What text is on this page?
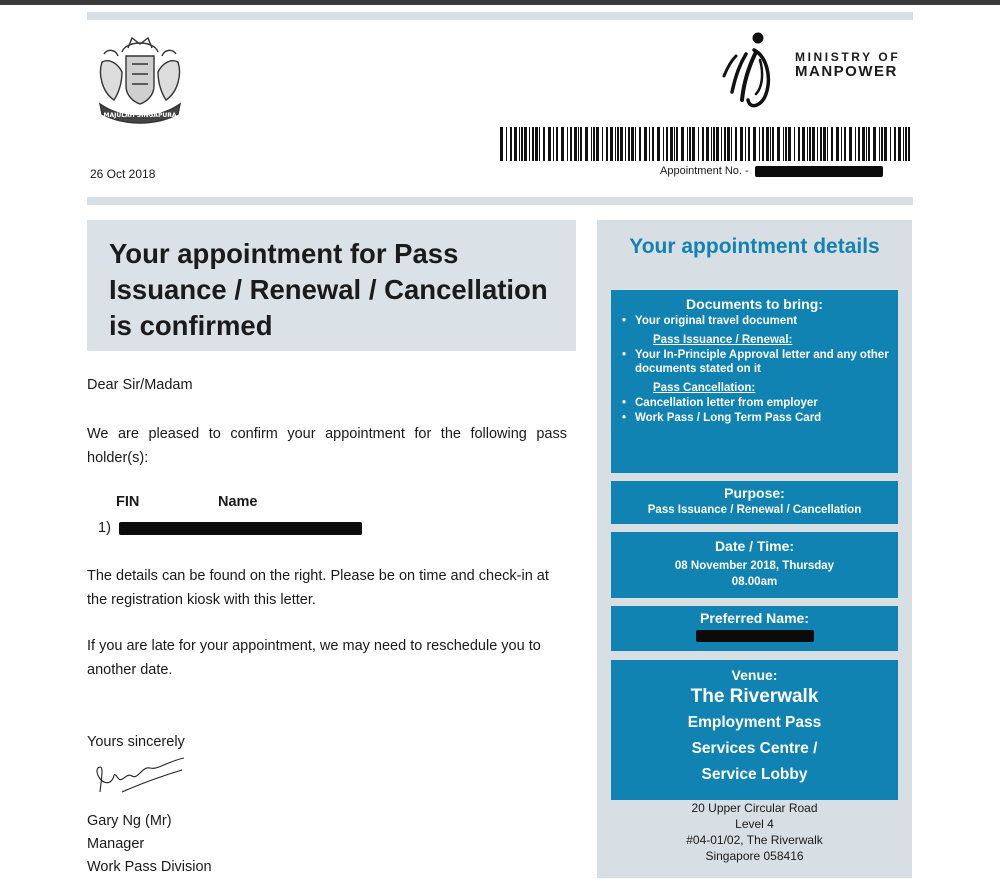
MAJULAH SINGAPURA
26 Oct 2018
MINISTRY OF
MANPOWER
Appointment No. -
Your appointment for Pass Issuance / Renewal / Cancellation is confirmed
Dear Sir/Madam
We are pleased to confirm your appointment for the following pass holder(s):
FIN	Name
1)
The details can be found on the right. Please be on time and check-in at the registration kiosk with this letter.
If you are late for your appointment, we may need to reschedule you to another date.
Yours sincerely
Gary Ng (Mr)
Manager
Work Pass Division
Your appointment details
Documents to bring:
• Your original travel document
Pass Issuance / Renewal:
• Your In-Principle Approval letter and any other documents stated on it
Pass Cancellation:
• Cancellation letter from employer
• Work Pass / Long Term Pass Card
Purpose:
Pass Issuance / Renewal / Cancellation
Date / Time:
08 November 2018, Thursday
08.00am
Preferred Name:
Venue:
The Riverwalk
Employment Pass
Services Centre /
Service Lobby
20 Upper Circular Road
Level 4
#04-01/02, The Riverwalk
Singapore 058416
